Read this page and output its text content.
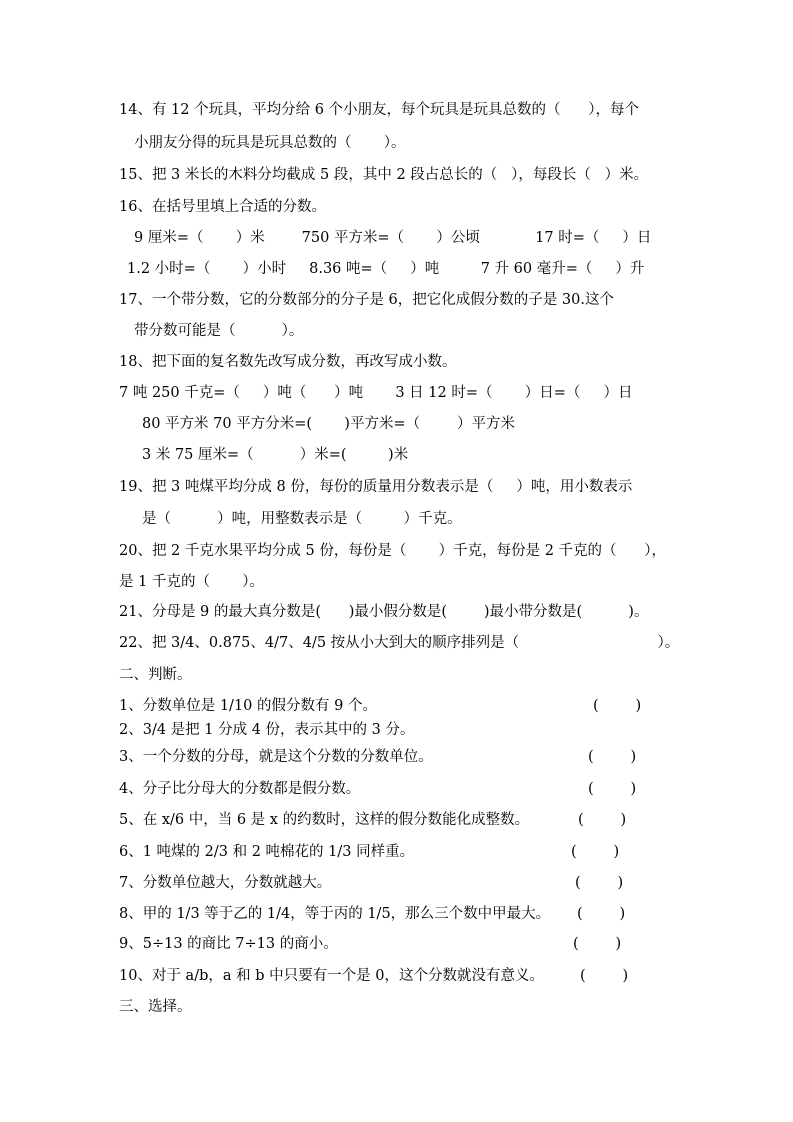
14、有 12 个玩具，平均分给 6 个小朋友，每个玩具是玩具总数的（      ），每个
小朋友分得的玩具是玩具总数的（       ）。
15、把 3 米长的木料分均截成 5 段，其中 2 段占总长的（   ），每段长（   ）米。
16、在括号里填上合适的分数。
9 厘米=（       ）米        750 平方米=（       ）公顷            17 时=（     ）日
1.2 小时=（       ）小时     8.36 吨=（     ）吨         7 升 60 毫升=（     ）升
17、一个带分数，它的分数部分的分子是 6，把它化成假分数的子是 30.这个
带分数可能是（          ）。
18、把下面的复名数先改写成分数，再改写成小数。
7 吨 250 千克=（     ）吨（      ）吨       3 日 12 时=（       ）日=（     ）日
80 平方米 70 平方分米=(       )平方米=（        ）平方米
3 米 75 厘米=（          ）米=(         )米
19、把 3 吨煤平均分成 8 份，每份的质量用分数表示是（     ）吨，用小数表示
是（          ）吨，用整数表示是（         ）千克。
20、把 2 千克水果平均分成 5 份，每份是（       ）千克，每份是 2 千克的（      ），
是 1 千克的（       ）。
21、分母是 9 的最大真分数是(      )最小假分数是(        )最小带分数是(          )。
22、把 3/4、0.875、4/7、4/5 按从小大到大的顺序排列是（                              ）。
二、判断。
1、分数单位是 1/10 的假分数有 9 个。	(        )
2、3/4 是把 1 分成 4 份，表示其中的 3 分。
3、一个分数的分母，就是这个分数的分数单位。	(        )
4、分子比分母大的分数都是假分数。	(        )
5、在 x/6 中，当 6 是 x 的约数时，这样的假分数能化成整数。	(        )
6、1 吨煤的 2/3 和 2 吨棉花的 1/3 同样重。	(        )
7、分数单位越大，分数就越大。	(        )
8、甲的 1/3 等于乙的 1/4，等于丙的 1/5，那么三个数中甲最大。 (        )
9、5÷13 的商比 7÷13 的商小。	(        )
10、对于 a/b，a 和 b 中只要有一个是 0，这个分数就没有意义。 (        )
三、选择。
